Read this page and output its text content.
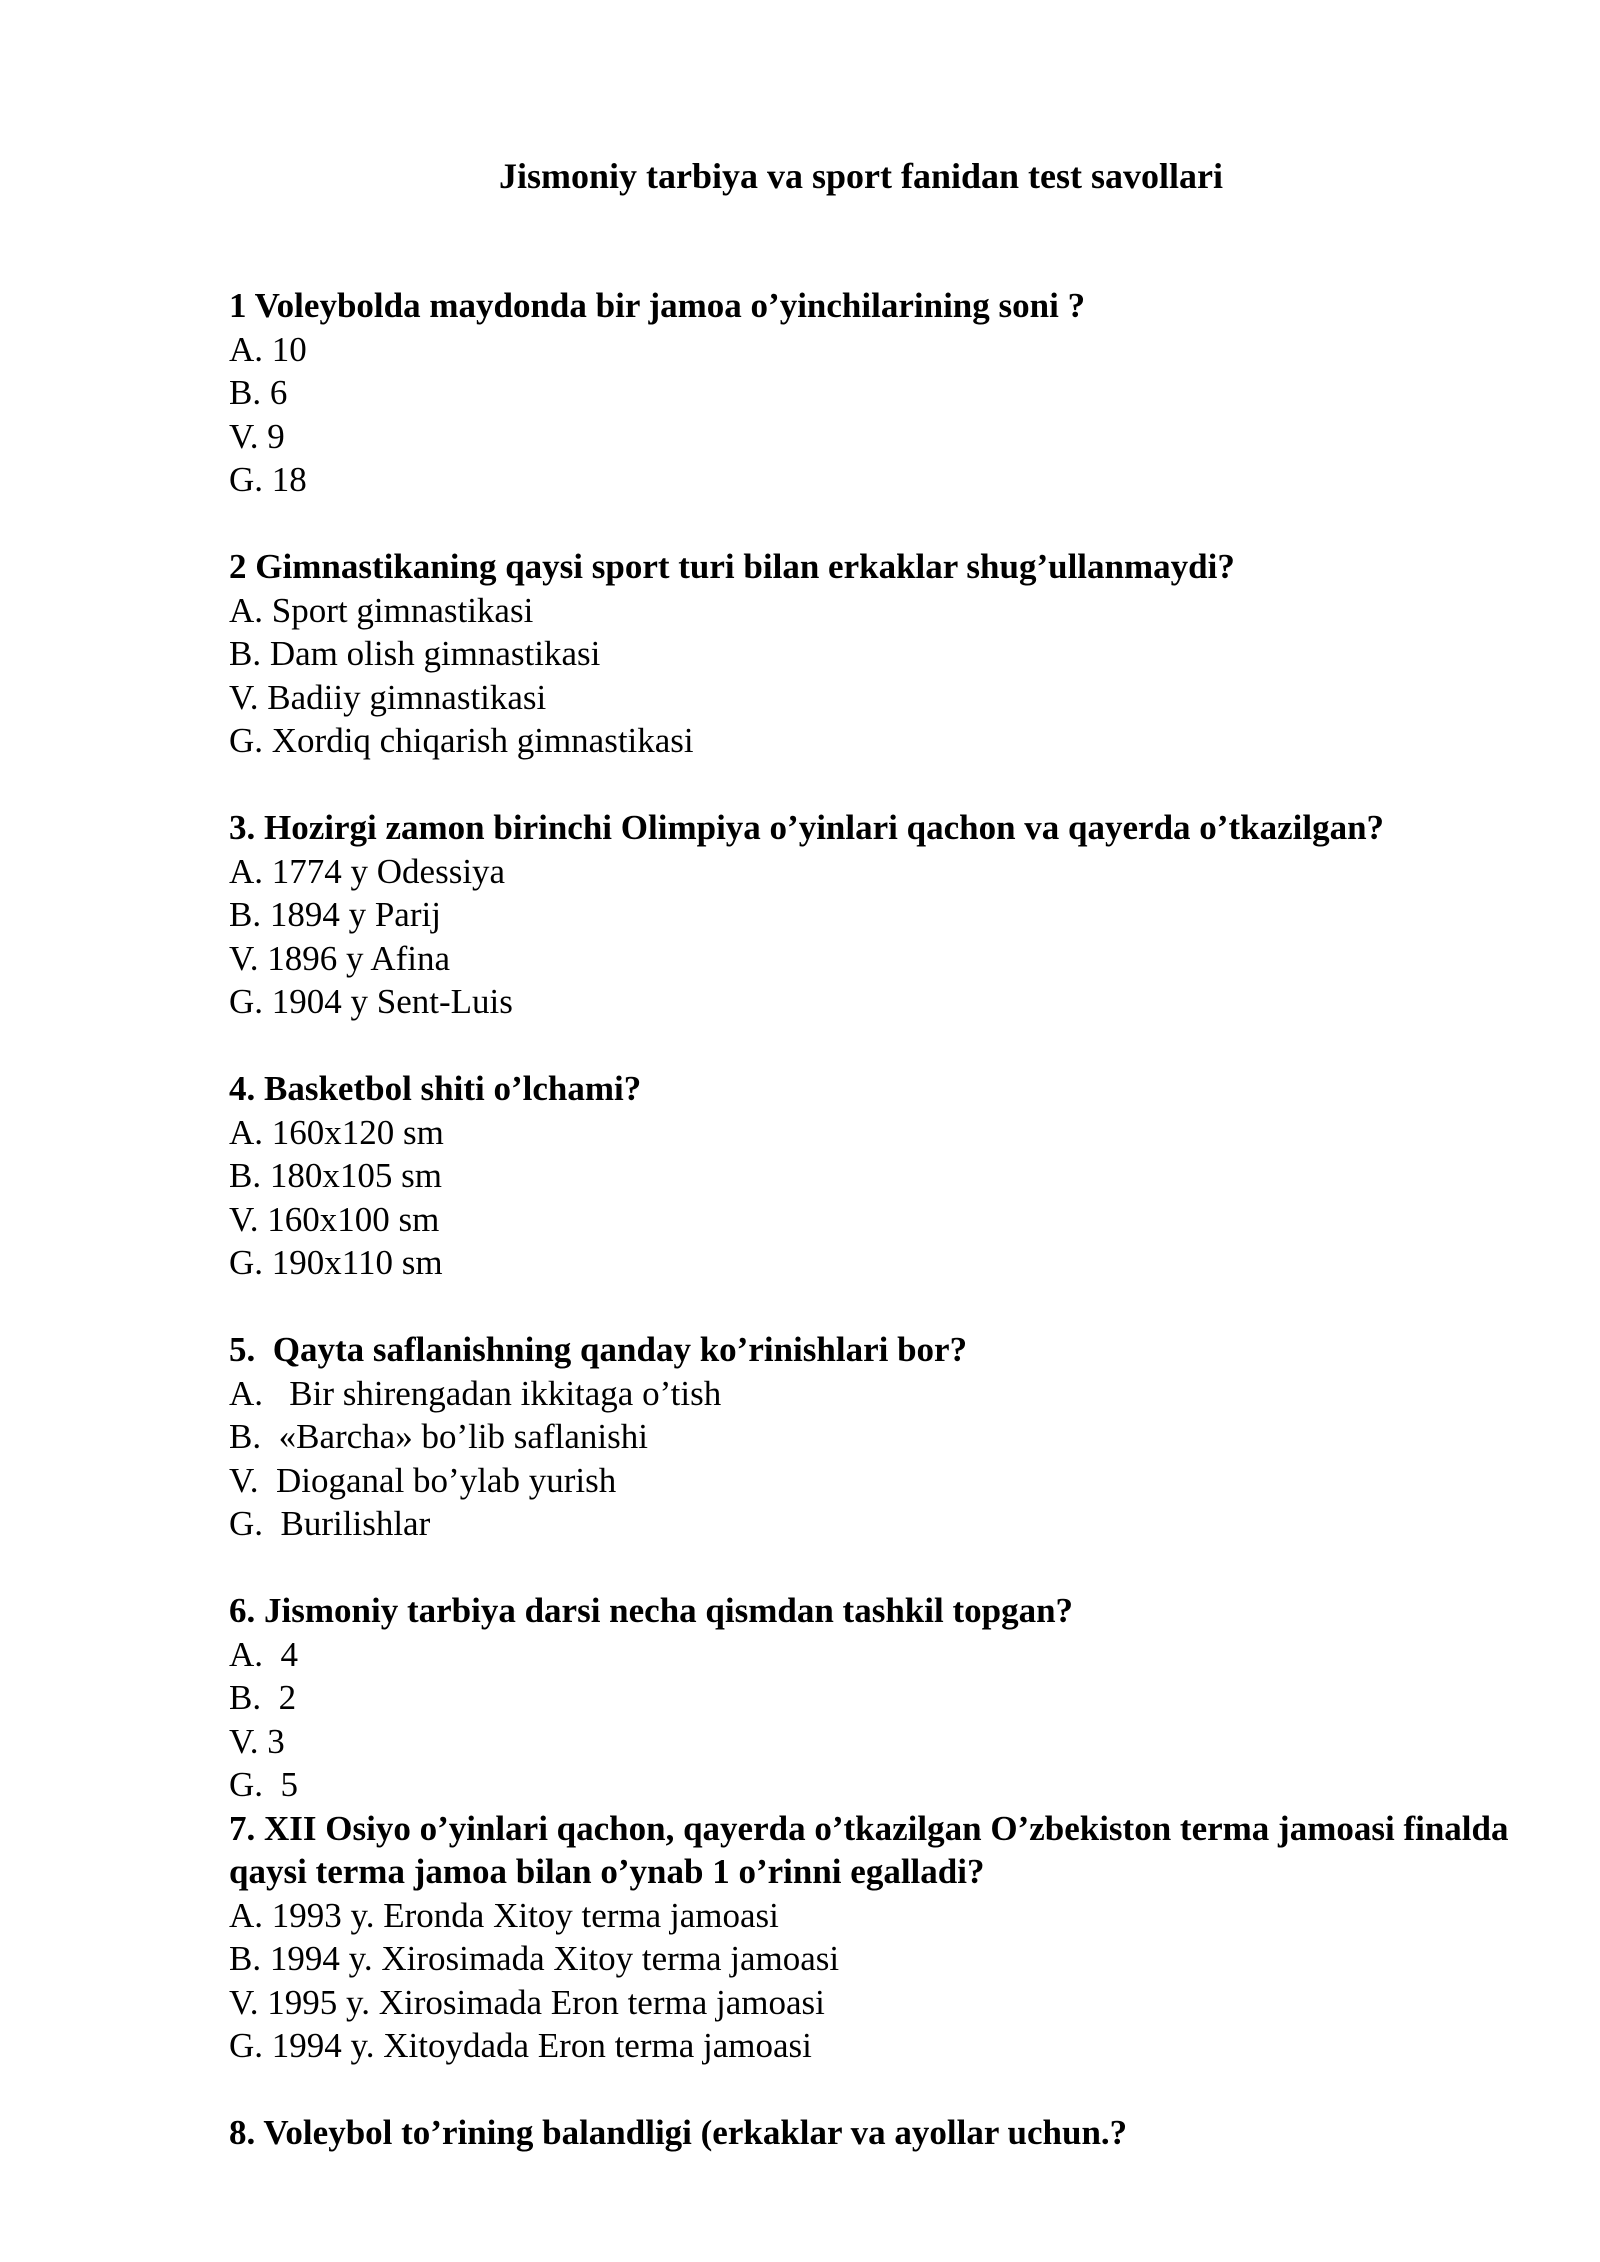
Jismoniy tarbiya va sport fanidan test savollari
1 Voleybolda maydonda bir jamoa o’yinchilarining soni ?
A. 10
B. 6
V. 9
G. 18
2 Gimnastikaning qaysi sport turi bilan erkaklar shug’ullanmaydi?
A. Sport gimnastikasi
B. Dam olish gimnastikasi
V. Badiiy gimnastikasi
G. Xordiq chiqarish gimnastikasi
3. Hozirgi zamon birinchi Olimpiya o’yinlari qachon va qayerda o’tkazilgan?
A. 1774 y Odessiya
B. 1894 y Parij
V. 1896 y Afina
G. 1904 y Sent-Luis
4. Basketbol shiti o’lchami?
A. 160x120 sm
B. 180x105 sm
V. 160x100 sm
G. 190x110 sm
5.  Qayta saflanishning qanday ko’rinishlari bor?
A.   Bir shirengadan ikkitaga o’tish
B.  «Barcha» bo’lib saflanishi
V.  Dioganal bo’ylab yurish
G.  Burilishlar
6. Jismoniy tarbiya darsi necha qismdan tashkil topgan?
A.  4
B.  2
V. 3
G.  5
7. XII Osiyo o’yinlari qachon, qayerda o’tkazilgan O’zbekiston terma jamoasi finalda qaysi terma jamoa bilan o’ynab 1 o’rinni egalladi?
A. 1993 y. Eronda Xitoy terma jamoasi
B. 1994 y. Xirosimada Xitoy terma jamoasi
V. 1995 y. Xirosimada Eron terma jamoasi
G. 1994 y. Xitoydada Eron terma jamoasi
8. Voleybol to’rining balandligi (erkaklar va ayollar uchun.?
